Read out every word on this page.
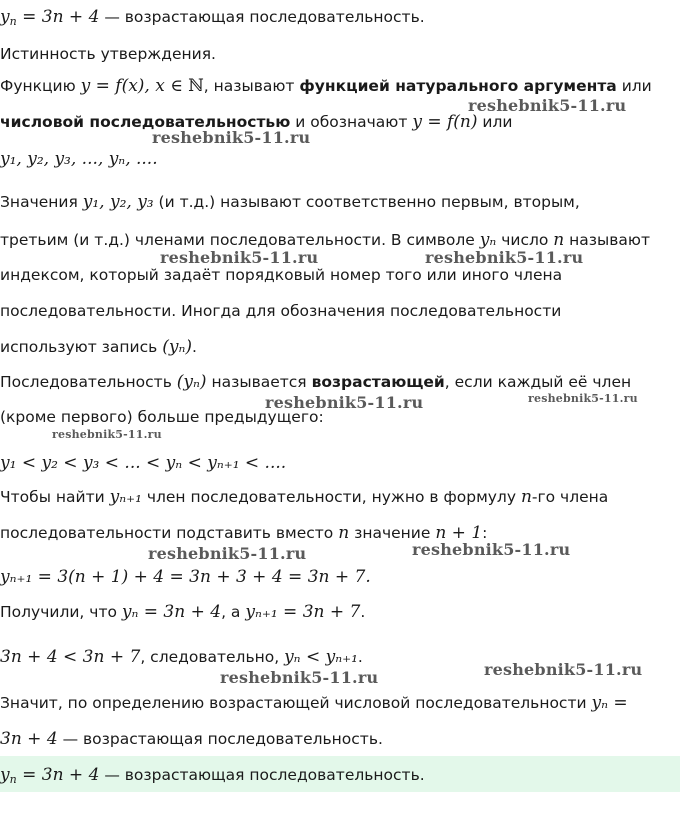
$y_n = 3n + 4$ — возрастающая последовательность.
Истинность утверждения.
Функцию y = f(x), x ∈ ℕ, называют функцией натурального аргумента или
числовой последовательностью и обозначают y = f(n) или
y₁, y₂, y₃, ..., yₙ, ....
Значения y₁, y₂, y₃ (и т.д.) называют соответственно первым, вторым,
третьим (и т.д.) членами последовательности. В символе yₙ число n называют
индексом, который задаёт порядковый номер того или иного члена
последовательности. Иногда для обозначения последовательности
используют запись (yₙ).
Последовательность (yₙ) называется возрастающей, если каждый её член
(кроме первого) больше предыдущего:
y₁ < y₂ < y₃ < ... < yₙ < yₙ₊₁ < ....
Чтобы найти yₙ₊₁ член последовательности, нужно в формулу n-го члена
последовательности подставить вместо n значение n + 1:
yₙ₊₁ = 3(n + 1) + 4 = 3n + 3 + 4 = 3n + 7.
Получили, что yₙ = 3n + 4, а yₙ₊₁ = 3n + 7.
3n + 4 < 3n + 7, следовательно, yₙ < yₙ₊₁.
Значит, по определению возрастающей числовой последовательности yₙ =
3n + 4 — возрастающая последовательность.
$y_n = 3n + 4$ — возрастающая последовательность.
reshebnik5-11.ru
reshebnik5-11.ru
reshebnik5-11.ru	reshebnik5-11.ru
reshebnik5-11.ru	reshebnik5-11.ru
reshebnik5-11.ru
reshebnik5-11.ru	reshebnik5-11.ru
reshebnik5-11.ru
reshebnik5-11.ru
